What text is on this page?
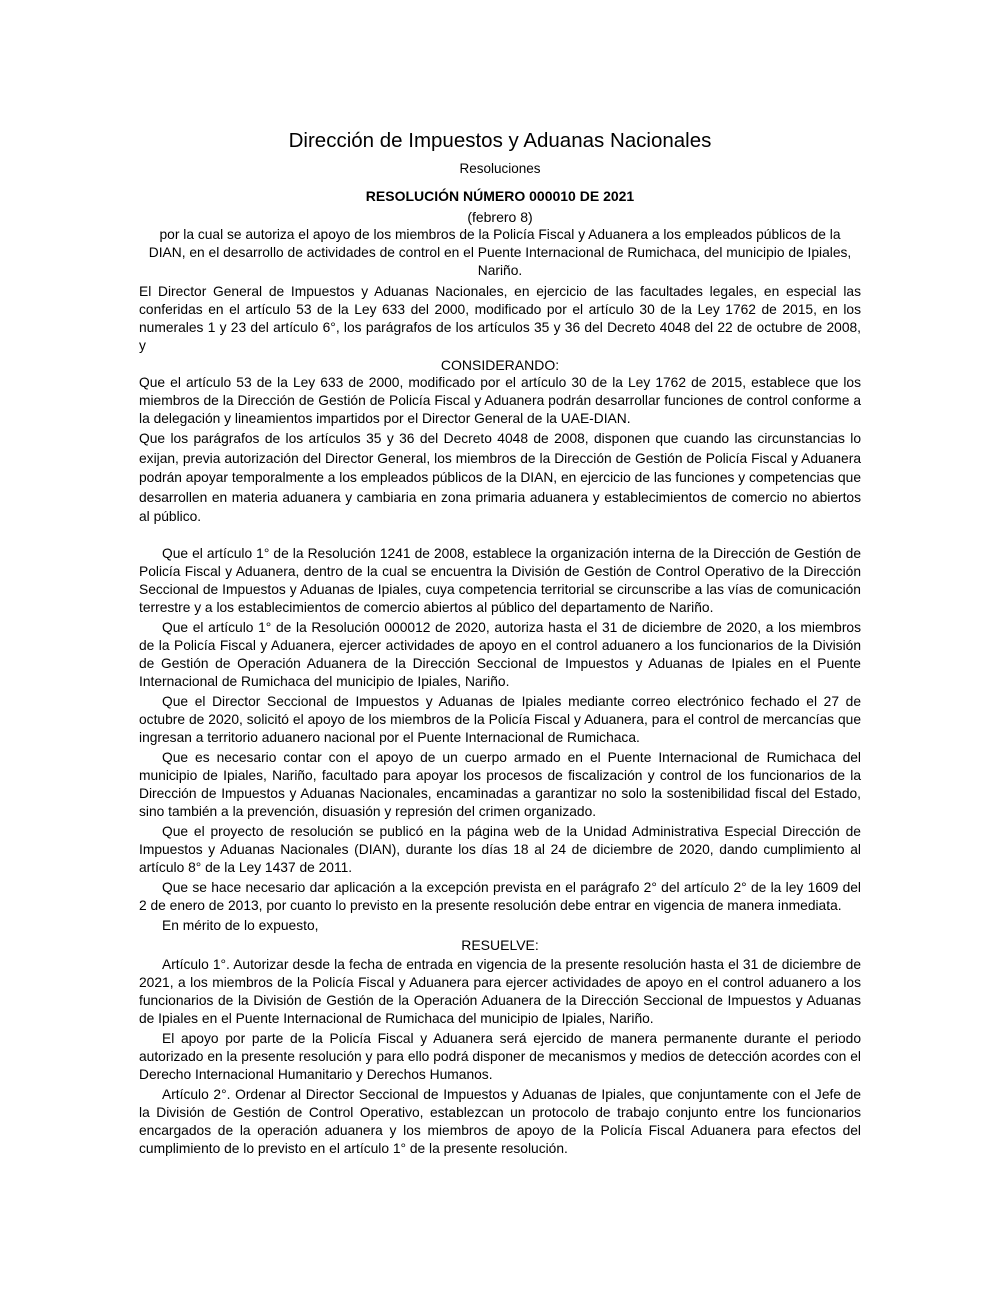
Dirección de Impuestos y Aduanas Nacionales
Resoluciones
RESOLUCIÓN NÚMERO 000010 DE 2021
(febrero 8)
por la cual se autoriza el apoyo de los miembros de la Policía Fiscal y Aduanera a los empleados públicos de la DIAN, en el desarrollo de actividades de control en el Puente Internacional de Rumichaca, del municipio de Ipiales, Nariño.
El Director General de Impuestos y Aduanas Nacionales, en ejercicio de las facultades legales, en especial las conferidas en el artículo 53 de la Ley 633 del 2000, modificado por el artículo 30 de la Ley 1762 de 2015, en los numerales 1 y 23 del artículo 6°, los parágrafos de los artículos 35 y 36 del Decreto 4048 del 22 de octubre de 2008, y
CONSIDERANDO:
Que el artículo 53 de la Ley 633 de 2000, modificado por el artículo 30 de la Ley 1762 de 2015, establece que los miembros de la Dirección de Gestión de Policía Fiscal y Aduanera podrán desarrollar funciones de control conforme a la delegación y lineamientos impartidos por el Director General de la UAE-DIAN.
Que los parágrafos de los artículos 35 y 36 del Decreto 4048 de 2008, disponen que cuando las circunstancias lo exijan, previa autorización del Director General, los miembros de la Dirección de Gestión de Policía Fiscal y Aduanera podrán apoyar temporalmente a los empleados públicos de la DIAN, en ejercicio de las funciones y competencias que desarrollen en materia aduanera y cambiaria en zona primaria aduanera y establecimientos de comercio no abiertos al público.
Que el artículo 1° de la Resolución 1241 de 2008, establece la organización interna de la Dirección de Gestión de Policía Fiscal y Aduanera, dentro de la cual se encuentra la División de Gestión de Control Operativo de la Dirección Seccional de Impuestos y Aduanas de Ipiales, cuya competencia territorial se circunscribe a las vías de comunicación terrestre y a los establecimientos de comercio abiertos al público del departamento de Nariño.
Que el artículo 1° de la Resolución 000012 de 2020, autoriza hasta el 31 de diciembre de 2020, a los miembros de la Policía Fiscal y Aduanera, ejercer actividades de apoyo en el control aduanero a los funcionarios de la División de Gestión de Operación Aduanera de la Dirección Seccional de Impuestos y Aduanas de Ipiales en el Puente Internacional de Rumichaca del municipio de Ipiales, Nariño.
Que el Director Seccional de Impuestos y Aduanas de Ipiales mediante correo electrónico fechado el 27 de octubre de 2020, solicitó el apoyo de los miembros de la Policía Fiscal y Aduanera, para el control de mercancías que ingresan a territorio aduanero nacional por el Puente Internacional de Rumichaca.
Que es necesario contar con el apoyo de un cuerpo armado en el Puente Internacional de Rumichaca del municipio de Ipiales, Nariño, facultado para apoyar los procesos de fiscalización y control de los funcionarios de la Dirección de Impuestos y Aduanas Nacionales, encaminadas a garantizar no solo la sostenibilidad fiscal del Estado, sino también a la prevención, disuasión y represión del crimen organizado.
Que el proyecto de resolución se publicó en la página web de la Unidad Administrativa Especial Dirección de Impuestos y Aduanas Nacionales (DIAN), durante los días 18 al 24 de diciembre de 2020, dando cumplimiento al artículo 8° de la Ley 1437 de 2011.
Que se hace necesario dar aplicación a la excepción prevista en el parágrafo 2° del artículo 2° de la ley 1609 del 2 de enero de 2013, por cuanto lo previsto en la presente resolución debe entrar en vigencia de manera inmediata.
En mérito de lo expuesto,
RESUELVE:
Artículo 1°. Autorizar desde la fecha de entrada en vigencia de la presente resolución hasta el 31 de diciembre de 2021, a los miembros de la Policía Fiscal y Aduanera para ejercer actividades de apoyo en el control aduanero a los funcionarios de la División de Gestión de la Operación Aduanera de la Dirección Seccional de Impuestos y Aduanas de Ipiales en el Puente Internacional de Rumichaca del municipio de Ipiales, Nariño.
El apoyo por parte de la Policía Fiscal y Aduanera será ejercido de manera permanente durante el periodo autorizado en la presente resolución y para ello podrá disponer de mecanismos y medios de detección acordes con el Derecho Internacional Humanitario y Derechos Humanos.
Artículo 2°. Ordenar al Director Seccional de Impuestos y Aduanas de Ipiales, que conjuntamente con el Jefe de la División de Gestión de Control Operativo, establezcan un protocolo de trabajo conjunto entre los funcionarios encargados de la operación aduanera y los miembros de apoyo de la Policía Fiscal Aduanera para efectos del cumplimiento de lo previsto en el artículo 1° de la presente resolución.
